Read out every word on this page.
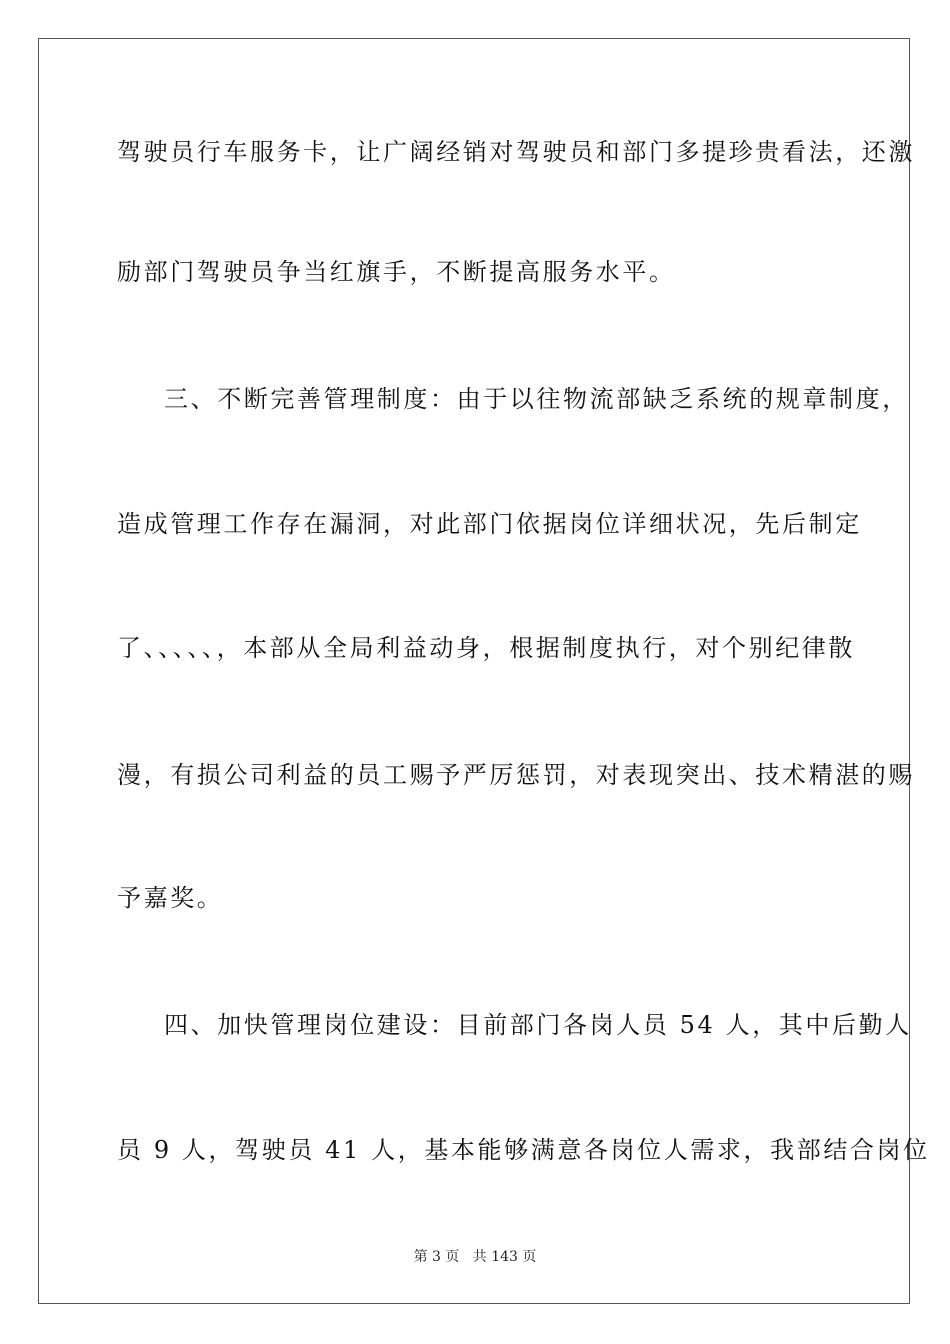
驾驶员行车服务卡，让广阔经销对驾驶员和部门多提珍贵看法，还激
励部门驾驶员争当红旗手，不断提高服务水平。
三、不断完善管理制度：由于以往物流部缺乏系统的规章制度，
造成管理工作存在漏洞，对此部门依据岗位详细状况，先后制定
了、、、、、，本部从全局利益动身，根据制度执行，对个别纪律散
漫，有损公司利益的员工赐予严厉惩罚，对表现突出、技术精湛的赐
予嘉奖。
四、加快管理岗位建设：目前部门各岗人员 54 人，其中后勤人
员 9 人，驾驶员 41 人，基本能够满意各岗位人需求，我部结合岗位
第 3 页 共 143 页
